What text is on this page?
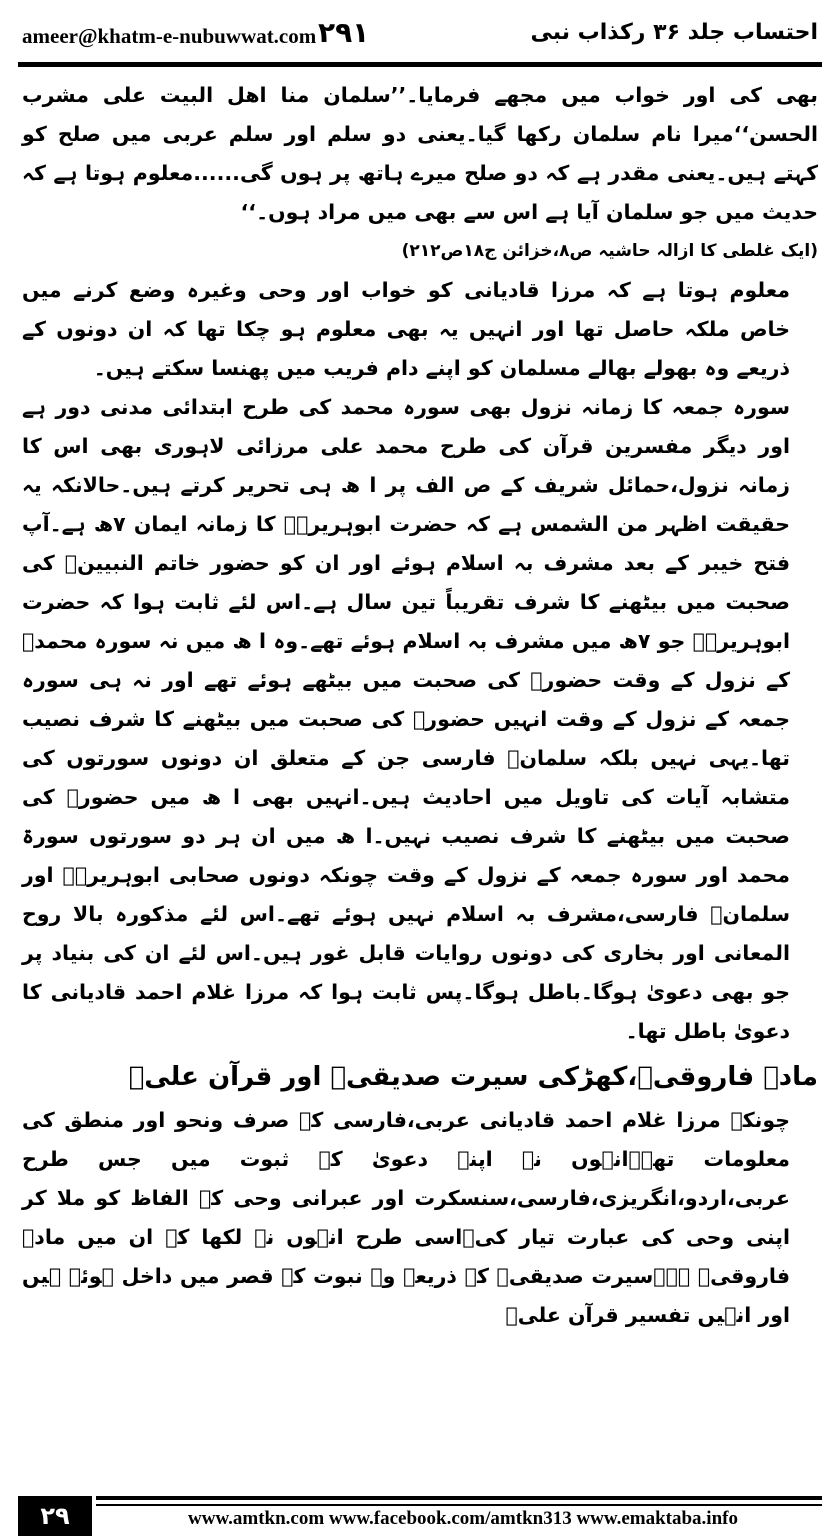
ameer@khatm-e-nubuwwat.com ۲۹۱	احتساب جلد ۳۶ رکذاب نبی

بھی کی اور خواب میں مجھے فرمایا۔’’سلمان منا اھل البیت علی مشرب الحسن‘‘میرا نام سلمان رکھا گیا۔یعنی دو سلم اور سلم عربی میں صلح کو کہتے ہیں۔یعنی مقدر ہے کہ دو صلح میرے ہاتھ پر ہوں گی......معلوم ہوتا ہے کہ حدیث میں جو سلمان آیا ہے اس سے بھی میں مراد ہوں۔‘‘

(ایک غلطی کا ازالہ حاشیہ ص۸،خزائن ج۱۸ص۲۱۲)

معلوم ہوتا ہے کہ مرزا قادیانی کو خواب اور وحی وغیرہ وضع کرنے میں خاص ملکہ حاصل تھا اور انہیں یہ بھی معلوم ہو چکا تھا کہ ان دونوں کے ذریعے وہ بھولے بھالے مسلمان کو اپنے دام فریب میں پھنسا سکتے ہیں۔

سورہ جمعہ کا زمانہ نزول بھی سورہ محمد کی طرح ابتدائی مدنی دور ہے اور دیگر مفسرین قرآن کی طرح محمد علی مرزائی لاہوری بھی اس کا زمانہ نزول،حمائل شریف کے ص الف پر ا ھ ہی تحریر کرتے ہیں۔حالانکہ یہ حقیقت اظہر من الشمس ہے کہ حضرت ابوہریرہؓ کا زمانہ ایمان ۷ھ ہے۔آپ فتح خیبر کے بعد مشرف بہ اسلام ہوئے اور ان کو حضور خاتم النبیینﷺ کی صحبت میں بیٹھنے کا شرف تقریباً تین سال ہے۔اس لئے ثابت ہوا کہ حضرت ابوہریرہؓ جو ۷ھ میں مشرف بہ اسلام ہوئے تھے۔وہ ا ھ میں نہ سورہ محمدؐ کے نزول کے وقت حضورﷺ کی صحبت میں بیٹھے ہوئے تھے اور نہ ہی سورہ جمعہ کے نزول کے وقت انہیں حضورﷺ کی صحبت میں بیٹھنے کا شرف نصیب تھا۔یہی نہیں بلکہ سلمانؓ فارسی جن کے متعلق ان دونوں سورتوں کی متشابہ آیات کی تاویل میں احادیث ہیں۔انہیں بھی ا ھ میں حضورﷺ کی صحبت میں بیٹھنے کا شرف نصیب نہیں۔ا ھ میں ان ہر دو سورتوں سورۃ محمد اور سورہ جمعہ کے نزول کے وقت چونکہ دونوں صحابی ابوہریرہؓ اور سلمانؓ فارسی،مشرف بہ اسلام نہیں ہوئے تھے۔اس لئے مذکورہ بالا روح المعانی اور بخاری کی دونوں روایات قابل غور ہیں۔اس لئے ان کی بنیاد پر جو بھی دعویٰ ہوگا۔باطل ہوگا۔پس ثابت ہوا کہ مرزا غلام احمد قادیانی کا دعویٰ باطل تھا۔

مادۂ فاروقیؓ،کھڑکی سیرت صدیقیؓ اور قرآن علیؓ

چونکہ مرزا غلام احمد قادیانی عربی،فارسی کے صرف ونحو اور منطق کی معلومات تھے۔انہوں نے اپنے دعویٰ کے ثبوت میں جس طرح عربی،اردو،انگریزی،فارسی،سنسکرت اور عبرانی وحی کے الفاظ کو ملا کر اپنی وحی کی عبارت تیار کی۔اسی طرح انہوں نے لکھا کہ ان میں مادۂ فاروقیؓ ہے۔سیرت صدیقیؓ کے ذریعے وہ نبوت کے قصر میں داخل ہوئے ہیں اور انہیں تفسیر قرآن علیؓ

۲۹	www.amtkn.com www.facebook.com/amtkn313 www.emaktaba.info
